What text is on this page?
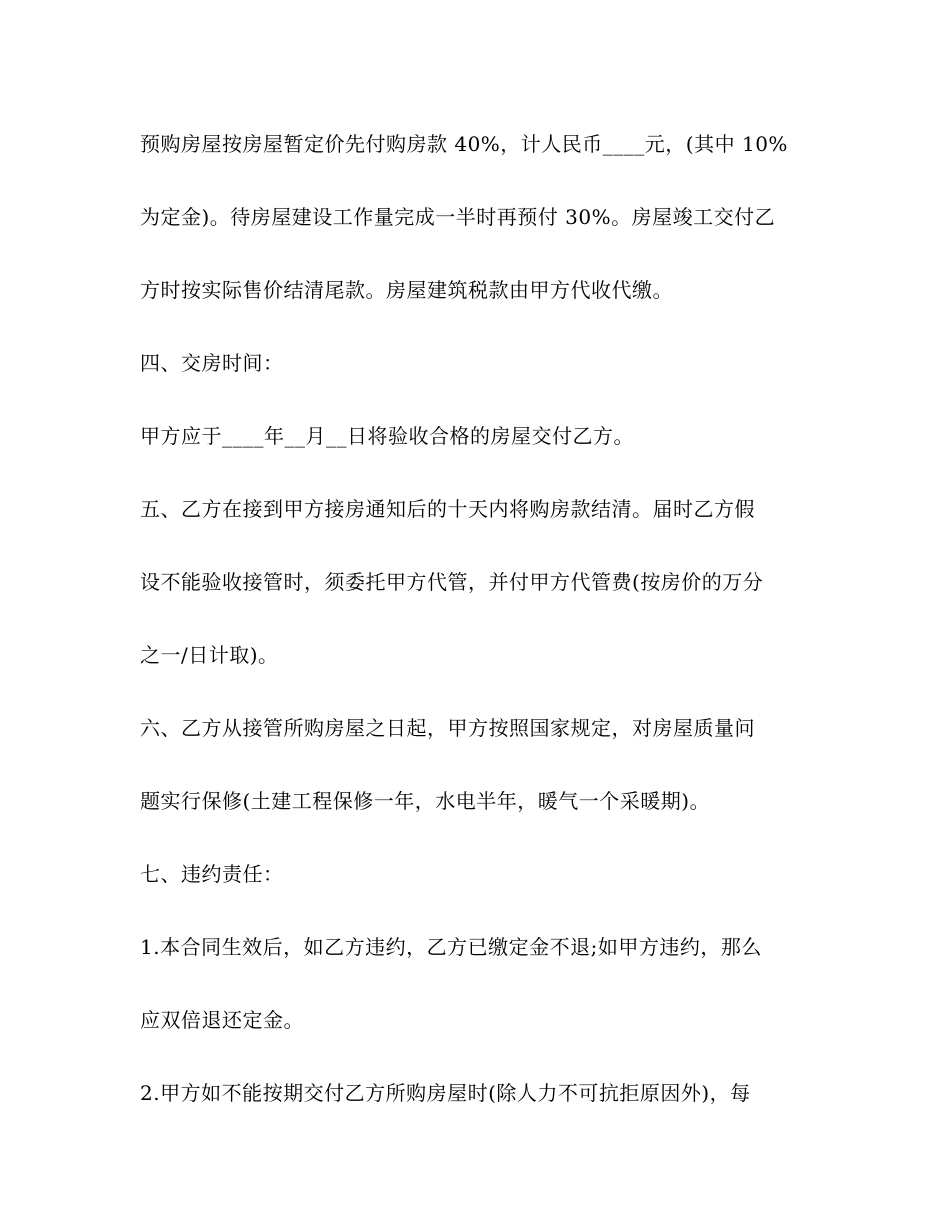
预购房屋按房屋暂定价先付购房款 40%，计人民币____元，(其中 10%
为定金)。待房屋建设工作量完成一半时再预付 30%。房屋竣工交付乙
方时按实际售价结清尾款。房屋建筑税款由甲方代收代缴。
四、交房时间：
甲方应于____年__月__日将验收合格的房屋交付乙方。
五、乙方在接到甲方接房通知后的十天内将购房款结清。届时乙方假
设不能验收接管时，须委托甲方代管，并付甲方代管费(按房价的万分
之一/日计取)。
六、乙方从接管所购房屋之日起，甲方按照国家规定，对房屋质量问
题实行保修(土建工程保修一年，水电半年，暖气一个采暖期)。
七、违约责任：
1.本合同生效后，如乙方违约，乙方已缴定金不退;如甲方违约，那么
应双倍退还定金。
2.甲方如不能按期交付乙方所购房屋时(除人力不可抗拒原因外)，每
